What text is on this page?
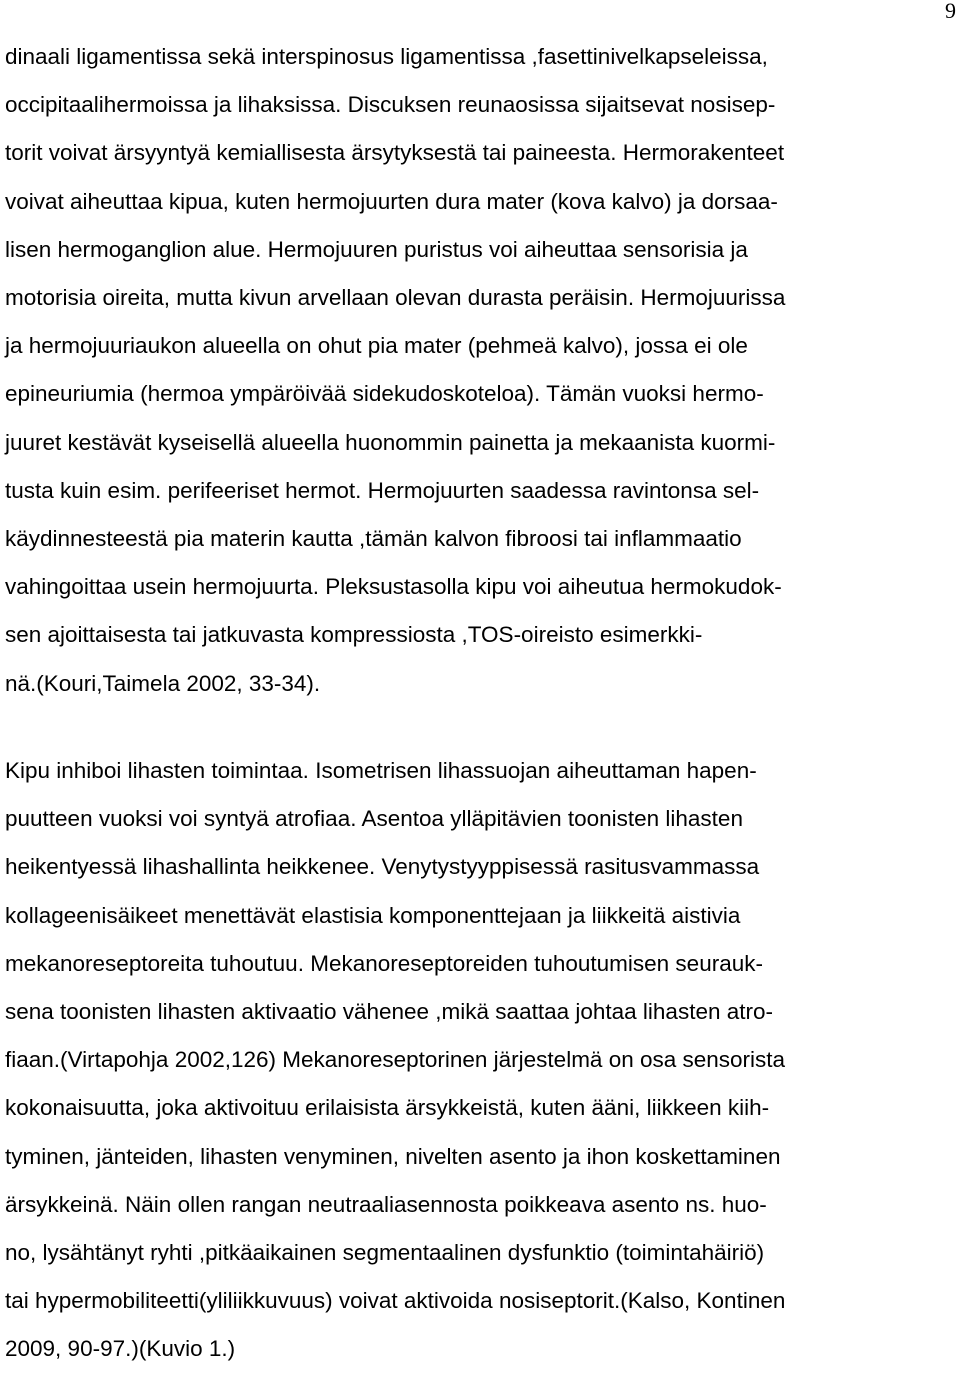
9
dinaali ligamentissa sekä interspinosus ligamentissa ,fasettinivelkapseleissa,
occipitaalihermoissa ja lihaksissa. Discuksen reunaosissa sijaitsevat nosisep-
torit voivat ärsyyntyä kemiallisesta ärsytyksestä tai paineesta. Hermorakenteet
voivat aiheuttaa kipua, kuten hermojuurten dura mater (kova kalvo) ja dorsaa-
lisen hermoganglion alue. Hermojuuren puristus voi aiheuttaa sensorisia ja
motorisia oireita, mutta kivun arvellaan olevan durasta peräisin. Hermojuurissa
ja hermojuuriaukon alueella on ohut pia mater (pehmeä kalvo), jossa ei ole
epineuriumia (hermoa ympäröivää sidekudoskoteloa). Tämän vuoksi hermo-
juuret kestävät kyseisellä alueella huonommin painetta ja mekaanista kuormi-
tusta kuin esim. perifeeriset hermot. Hermojuurten saadessa ravintonsa sel-
käydinnesteestä pia materin kautta ,tämän kalvon fibroosi tai inflammaatio
vahingoittaa usein hermojuurta. Pleksustasolla kipu voi aiheutua hermokudok-
sen ajoittaisesta tai jatkuvasta kompressiosta ,TOS-oireisto esimerkki-
nä.(Kouri,Taimela 2002, 33-34).
Kipu inhiboi lihasten toimintaa. Isometrisen lihassuojan aiheuttaman hapen-
puutteen vuoksi voi syntyä atrofiaa. Asentoa ylläpitävien toonisten lihasten
heikentyessä lihashallinta heikkenee. Venytystyyppisessä rasitusvammassa
kollageenisäikeet menettävät elastisia komponenttejaan ja liikkeitä aistivia
mekanoreseptoreita tuhoutuu. Mekanoreseptoreiden tuhoutumisen seurauk-
sena toonisten lihasten aktivaatio vähenee ,mikä saattaa johtaa lihasten atro-
fiaan.(Virtapohja 2002,126) Mekanoreseptorinen järjestelmä on osa sensorista
kokonaisuutta, joka aktivoituu erilaisista ärsykkeistä, kuten ääni, liikkeen kiih-
tyminen, jänteiden, lihasten venyminen, nivelten asento ja ihon koskettaminen
ärsykkeinä. Näin ollen rangan neutraaliasennosta poikkeava asento ns. huo-
no, lysähtänyt ryhti ,pitkäaikainen segmentaalinen dysfunktio (toimintahäiriö)
tai hypermobiliteetti(yliliikkuvuus) voivat aktivoida nosiseptorit.(Kalso, Kontinen
2009, 90-97.)(Kuvio 1.)
